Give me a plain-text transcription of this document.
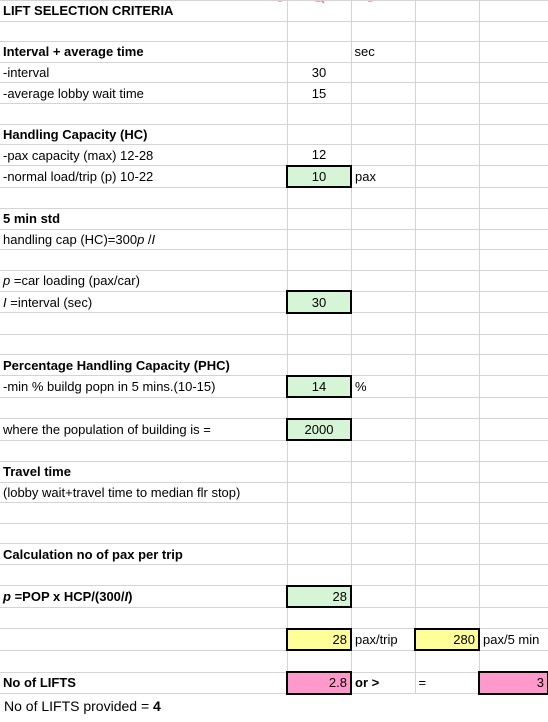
LIFT SELECTION CRITERIA				

Interval + average time		sec		
-interval	30			
-average lobby wait time	15			

Handling Capacity (HC)				
-pax capacity (max) 12-28	12			
-normal load/trip (p) 10-22	10	pax		

5 min std				
handling cap (HC)=300p /I				

p =car loading (pax/car)				
I =interval (sec)	30			

Percentage Handling Capacity (PHC)				
-min % buildg popn in 5 mins.(10-15)	14	%		

where the population of building is =	2000			

Travel time				
(lobby wait+travel time to median flr stop)				

Calculation no of pax per trip				

p =POP x HCP/(300/I)	28			

	28	pax/trip	280	pax/5 min

No of LIFTS	2.8	or >	=	3
No of LIFTS provided = 4
